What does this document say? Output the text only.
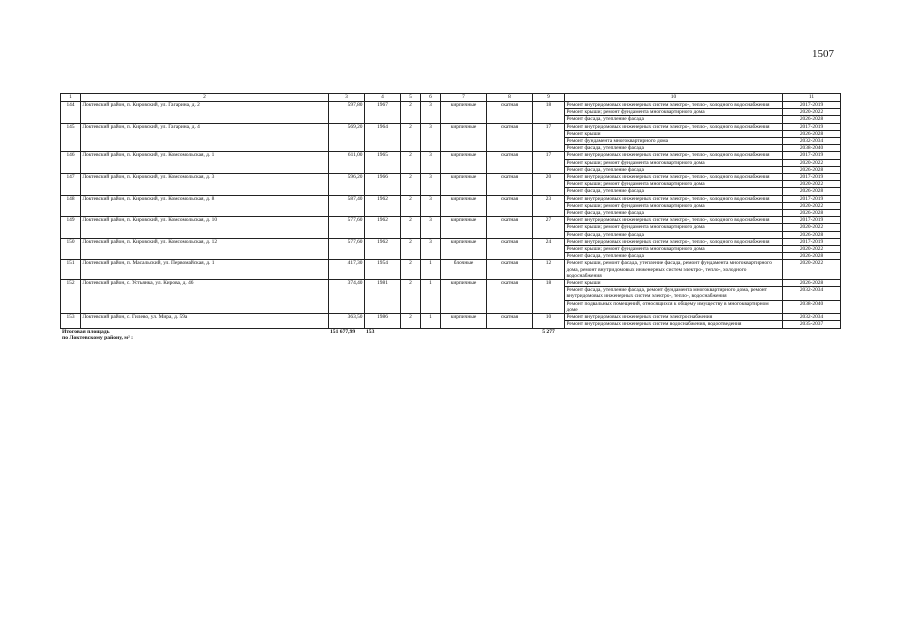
1507
1	2	3	4	5	6	7	8	9	10	11
144	Локтевский район, п. Кировский, ул. Гагарина, д. 2	597,80	1967	2	3	кирпичные	скатная	18	Ремонт внутридомовых инженерных систем электро-, тепло-, холодного водоснабжения	2017-2019
									Ремонт крыши; ремонт фундамента многоквартирного дома	2020-2022
									Ремонт фасада, утепление фасада	2026-2028
145	Локтевский район, п. Кировский, ул. Гагарина, д. 4	569,20	1964	2	3	кирпичные	скатная	17	Ремонт внутридомовых инженерных систем электро-, тепло-, холодного водоснабжения	2017-2019
									Ремонт крыши	2026-2028
									Ремонт фундамента многоквартирного дома	2032-2034
									Ремонт фасада, утепление фасада	2038-2040
146	Локтевский район, п. Кировский, ул. Комсомольская, д. 1	611,00	1965	2	3	кирпичные	скатная	17	Ремонт внутридомовых инженерных систем электро-, тепло-, холодного водоснабжения	2017-2019
									Ремонт крыши; ремонт фундамента многоквартирного дома	2020-2022
									Ремонт фасада, утепление фасада	2026-2028
147	Локтевский район, п. Кировский, ул. Комсомольская, д. 3	596,20	1966	2	3	кирпичные	скатная	20	Ремонт внутридомовых инженерных систем электро-, тепло-, холодного водоснабжения	2017-2019
									Ремонт крыши; ремонт фундамента многоквартирного дома	2020-2022
									Ремонт фасада, утепление фасада	2026-2028
148	Локтевский район, п. Кировский, ул. Комсомольская, д. 8	587,40	1962	2	3	кирпичные	скатная	23	Ремонт внутридомовых инженерных систем электро-, тепло-, холодного водоснабжения	2017-2019
									Ремонт крыши; ремонт фундамента многоквартирного дома	2020-2022
									Ремонт фасада, утепление фасада	2026-2028
149	Локтевский район, п. Кировский, ул. Комсомольская, д. 10	577,60	1962	2	3	кирпичные	скатная	27	Ремонт внутридомовых инженерных систем электро-, тепло-, холодного водоснабжения	2017-2019
									Ремонт крыши; ремонт фундамента многоквартирного дома	2020-2022
									Ремонт фасада, утепление фасада	2026-2028
150	Локтевский район, п. Кировский, ул. Комсомольская, д. 12	577,60	1962	2	3	кирпичные	скатная	24	Ремонт внутридомовых инженерных систем электро-, тепло-, холодного водоснабжения	2017-2019
									Ремонт крыши; ремонт фундамента многоквартирного дома	2020-2022
									Ремонт фасада, утепление фасада	2026-2028
151	Локтевский район, п. Масальский, ул. Первомайская, д. 1	417,30	1954	2	1	блочные	скатная	12	Ремонт крыши, ремонт фасада, утепление фасада, ремонт фундамента многоквартирного дома, ремонт внутридомовых инженерных систем электро-, тепло-, холодного водоснабжения	2020-2022
152	Локтевский район, с. Устьянка, ул. Кирова, д. 46	374,40	1981	2	1	кирпичные	скатная	18	Ремонт крыши	2026-2028
									Ремонт фасада, утепление фасада, ремонт фундамента многоквартирного дома, ремонт внутридомовых инженерных систем электро-, тепло-, водоснабжения	2032-2034
									Ремонт подвальных помещений, относящихся к общему имуществу в многоквартирном доме	2038-2040
153	Локтевский район, с. Гилево, ул. Мира, д. 59а	363,50	1986	2	1	кирпичные	скатная	10	Ремонт внутридомовых инженерных систем электроснабжения	2032-2034
									Ремонт внутридомовых инженерных систем водоснабжения, водоотведения	2035-2037

Итоговая площадь
по Локтевскому району, м² :		151 677,99	153					5 277		
